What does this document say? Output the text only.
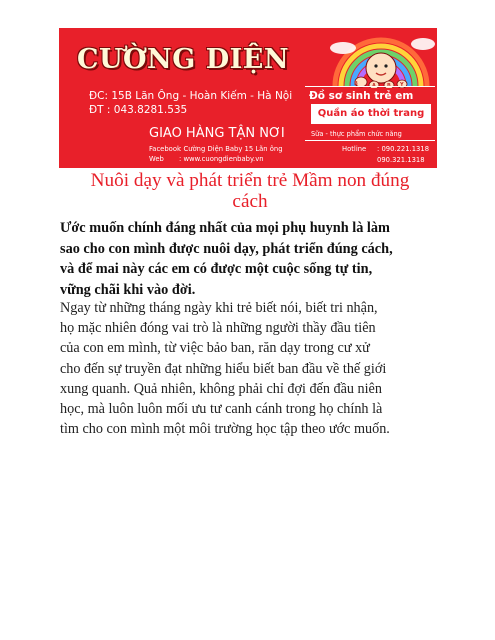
CƯỜNG DIỆN
B	A B Y
ĐC: 15B Lãn Ông - Hoàn Kiếm - Hà Nội
ĐT : 043.8281.535
GIAO HÀNG TẬN NƠI
Facebook: Cường Diện Baby 15 Lãn ông
Web : www.cuongdienbaby.vn
Đồ sơ sinh trẻ em
Quần áo thời trang
Sữa - thực phẩm chức năng
Hotline : 090.221.1318
090.321.1318
Nuôi dạy và phát triển trẻ Mầm non đúng
cách

Ước muốn chính đáng nhất của mọi phụ huynh là làm
sao cho con mình được nuôi dạy, phát triển đúng cách,
và để mai này các em có được một cuộc sống tự tin,
vững chãi khi vào đời.

Ngay từ những tháng ngày khi trẻ biết nói, biết tri nhận,
họ mặc nhiên đóng vai trò là những người thầy đầu tiên
của con em mình, từ việc bảo ban, răn dạy trong cư xử
cho đến sự truyền đạt những hiểu biết ban đầu về thế giới
xung quanh. Quả nhiên, không phải chỉ đợi đến đầu niên
học, mà luôn luôn mối ưu tư canh cánh trong họ chính là
tìm cho con mình một môi trường học tập theo ước muốn.
